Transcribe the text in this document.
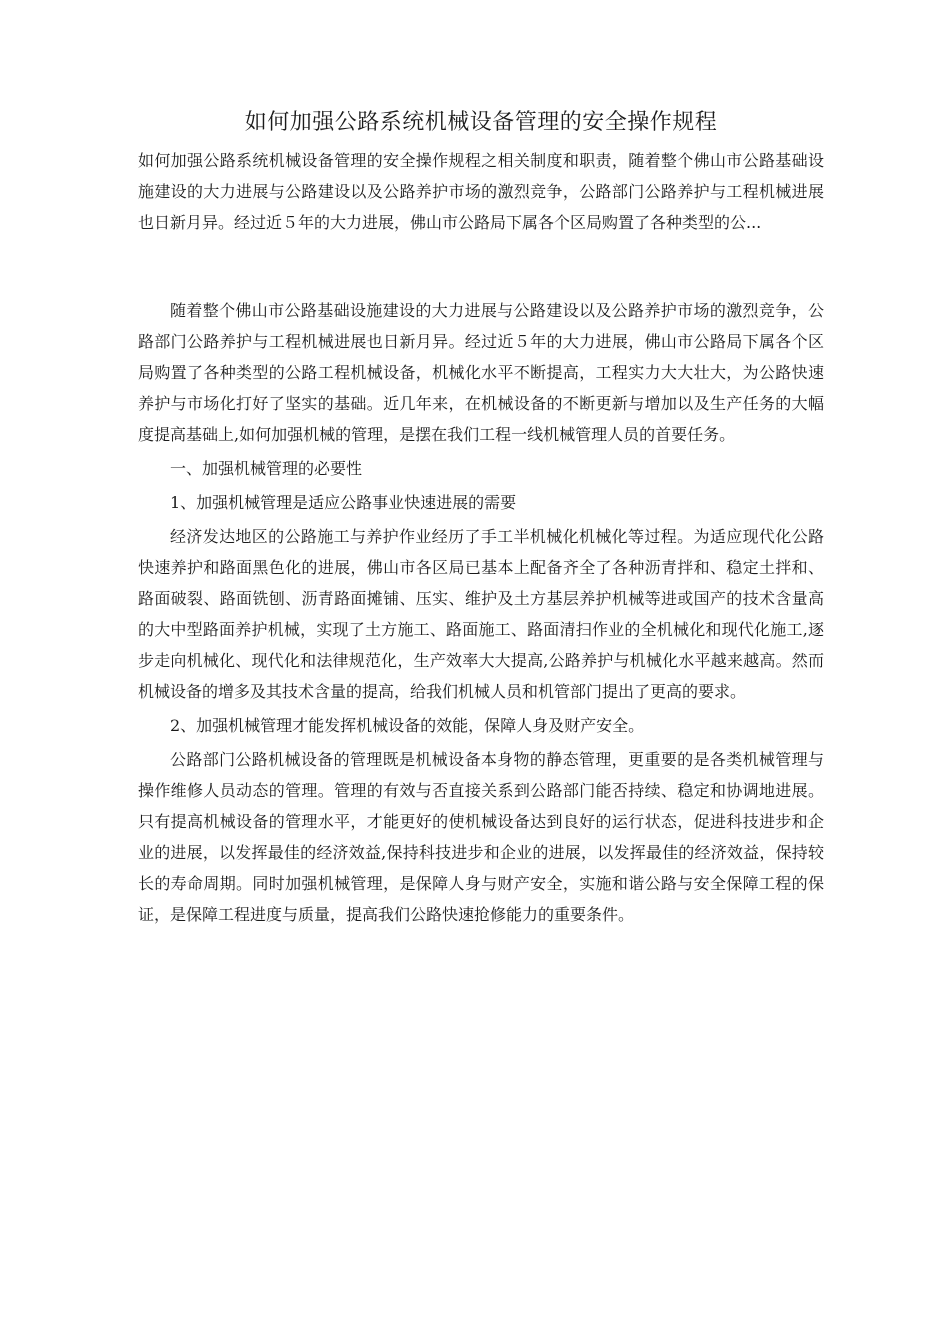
如何加强公路系统机械设备管理的安全操作规程

如何加强公路系统机械设备管理的安全操作规程之相关制度和职责，随着整个佛山市公路基础设施建设的大力进展与公路建设以及公路养护市场的激烈竞争，公路部门公路养护与工程机械进展也日新月异。经过近５年的大力进展，佛山市公路局下属各个区局购置了各种类型的公...

随着整个佛山市公路基础设施建设的大力进展与公路建设以及公路养护市场的激烈竞争，公路部门公路养护与工程机械进展也日新月异。经过近５年的大力进展，佛山市公路局下属各个区局购置了各种类型的公路工程机械设备，机械化水平不断提高，工程实力大大壮大，为公路快速养护与市场化打好了坚实的基础。近几年来，在机械设备的不断更新与增加以及生产任务的大幅度提高基础上,如何加强机械的管理，是摆在我们工程一线机械管理人员的首要任务。

一、加强机械管理的必要性

1、加强机械管理是适应公路事业快速进展的需要

经济发达地区的公路施工与养护作业经历了手工半机械化机械化等过程。为适应现代化公路快速养护和路面黑色化的进展，佛山市各区局已基本上配备齐全了各种沥青拌和、稳定土拌和、路面破裂、路面铣刨、沥青路面摊铺、压实、维护及土方基层养护机械等进或国产的技术含量高的大中型路面养护机械，实现了土方施工、路面施工、路面清扫作业的全机械化和现代化施工,逐步走向机械化、现代化和法律规范化，生产效率大大提高,公路养护与机械化水平越来越高。然而机械设备的增多及其技术含量的提高，给我们机械人员和机管部门提出了更高的要求。

2、加强机械管理才能发挥机械设备的效能，保障人身及财产安全。

公路部门公路机械设备的管理既是机械设备本身物的静态管理，更重要的是各类机械管理与操作维修人员动态的管理。管理的有效与否直接关系到公路部门能否持续、稳定和协调地进展。只有提高机械设备的管理水平，才能更好的使机械设备达到良好的运行状态，促进科技进步和企业的进展，以发挥最佳的经济效益,保持科技进步和企业的进展，以发挥最佳的经济效益，保持较长的寿命周期。同时加强机械管理，是保障人身与财产安全，实施和谐公路与安全保障工程的保证，是保障工程进度与质量，提高我们公路快速抢修能力的重要条件。
